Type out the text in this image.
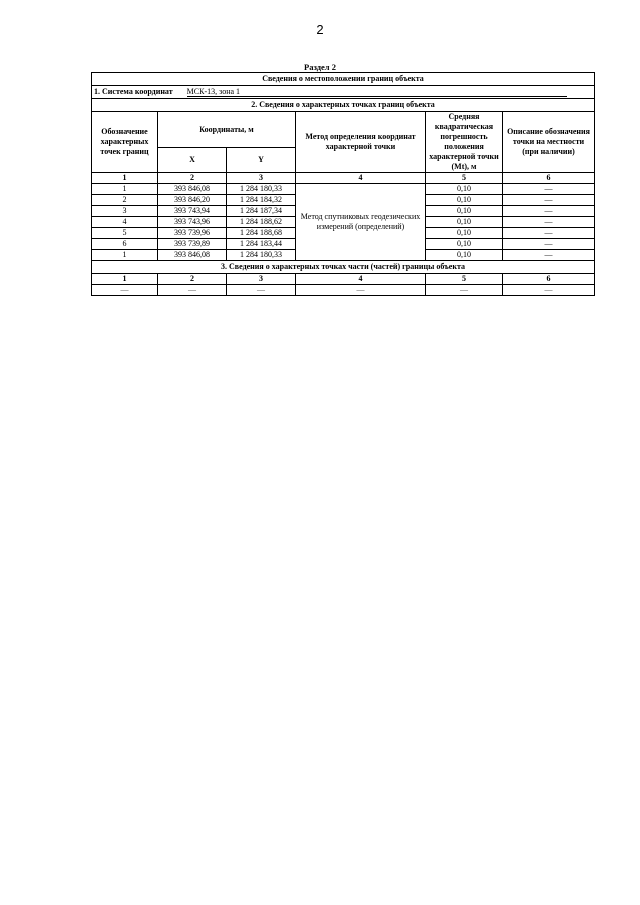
2
Раздел 2
Сведения о местоположении границ объекта					
1. Система координат МСК-13, зона 1					
2. Сведения о характерных точках границ объекта					
Обозначение характерных точек границ	Координаты, м		Метод определения координат характерной точки	Средняя квадратическая погрешность положения характерной точки (Mt), м	Описание обозначения точки на местности (при наличии)
	X	Y			
1	2	3	4	5	6
1	393 846,08	1 284 180,33	Метод спутниковых геодезических измерений (определений)	0,10	—
2	393 846,20	1 284 184,32		0,10	—
3	393 743,94	1 284 187,34		0,10	—
4	393 743,96	1 284 188,62		0,10	—
5	393 739,96	1 284 188,68		0,10	—
6	393 739,89	1 284 183,44		0,10	—
1	393 846,08	1 284 180,33		0,10	—
3. Сведения о характерных точках части (частей) границы объекта					
1	2	3	4	5	6
—	—	—	—	—	—
